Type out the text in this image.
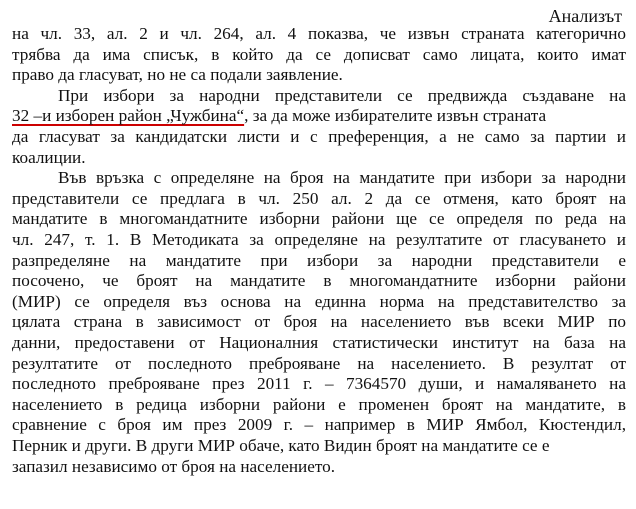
Анализът
на чл. 33, ал. 2 и чл. 264, ал. 4 показва, че извън страната категорично
трябва да има списък, в който да се дописват само лицата, които имат
право да гласуват, но не са подали заявление.
При избори за народни представители се предвижда създаване на
32 –и изборен район „Чужбина“, за да може избирателите извън страната
да гласуват за кандидатски листи и с преференция, а не само за партии и
коалиции.
Във връзка с определяне на броя на мандатите при избори за народни
представители се предлага в чл. 250 ал. 2 да се отменя, като броят на
мандатите в многомандатните изборни райони ще се определя по реда на
чл. 247, т. 1. В Методиката за определяне на резултатите от гласуването и
разпределяне на мандатите при избори за народни представители е
посочено, че броят на мандатите в многомандатните изборни райони
(МИР) се определя въз основа на единна норма на представителство за
цялата страна в зависимост от броя на населението във всеки МИР по
данни, предоставени от Националния статистически институт на база на
резултатите от последното преброяване на населението. В резултат от
последното преброяване през 2011 г. – 7364570 души, и намаляването на
населението в редица изборни райони е променен броят на мандатите, в
сравнение с броя им през 2009 г. – например в МИР Ямбол, Кюстендил,
Перник и други. В други МИР обаче, като Видин броят на мандатите се е
запазил независимо от броя на населението.
